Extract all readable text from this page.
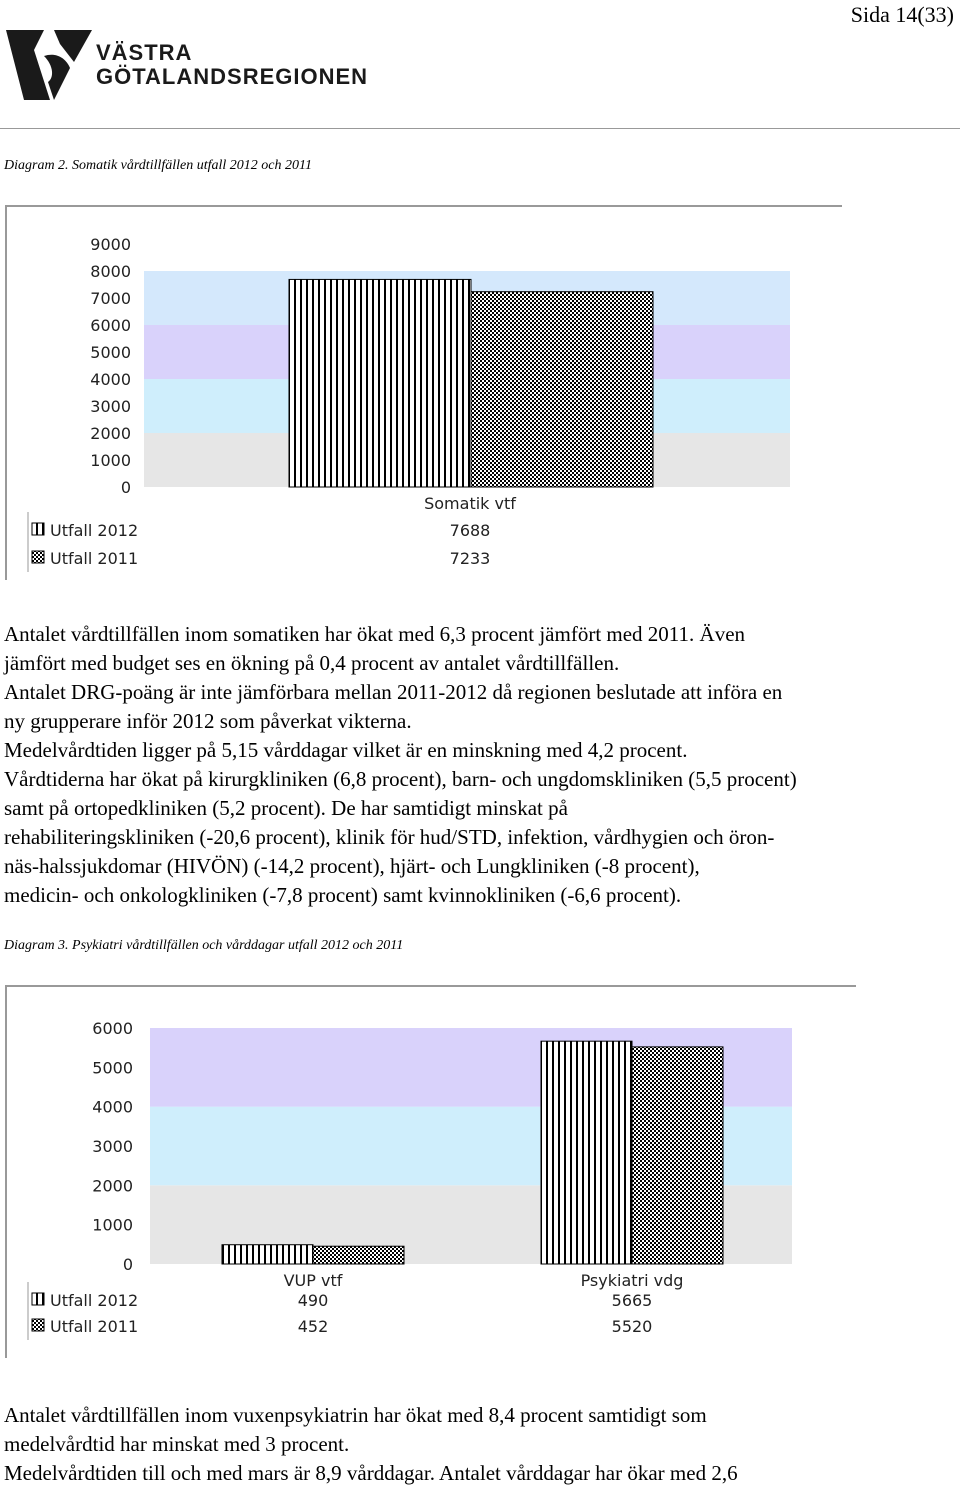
Sida 14(33)
VÄSTRA
GÖTALANDSREGIONEN
Diagram 2. Somatik vårdtillfällen utfall 2012 och 2011
9000
8000
7000
6000
5000
4000
3000
2000
1000
0
Somatik vtf
Utfall 2012	7688
Utfall 2011	7233

Antalet vårdtillfällen inom somatiken har ökat med 6,3 procent jämfört med 2011. Även

jämfört med budget ses en ökning på 0,4 procent av antalet vårdtillfällen.

Antalet DRG-poäng är inte jämförbara mellan 2011-2012 då regionen beslutade att införa en

ny grupperare inför 2012 som påverkat vikterna.

Medelvårdtiden ligger på 5,15 vårddagar vilket är en minskning med 4,2 procent.

Vårdtiderna har ökat på kirurgkliniken (6,8 procent), barn- och ungdomskliniken (5,5 procent)

samt på ortopedkliniken (5,2 procent). De har samtidigt minskat på

rehabiliteringskliniken (-20,6 procent), klinik för hud/STD, infektion, vårdhygien och öron-

näs-halssjukdomar (HIVÖN) (-14,2 procent), hjärt- och Lungkliniken (-8 procent),

medicin- och onkologkliniken (-7,8 procent) samt kvinnokliniken (-6,6 procent).

Diagram 3. Psykiatri vårdtillfällen och vårddagar utfall 2012 och 2011
6000
5000
4000
3000
2000
1000
0
VUP vtf	Psykiatri vdg
Utfall 2012	490	5665
Utfall 2011	452	5520

Antalet vårdtillfällen inom vuxenpsykiatrin har ökat med 8,4 procent samtidigt som

medelvårdtid har minskat med 3 procent.

Medelvårdtiden till och med mars är 8,9 vårddagar. Antalet vårddagar har ökar med 2,6
